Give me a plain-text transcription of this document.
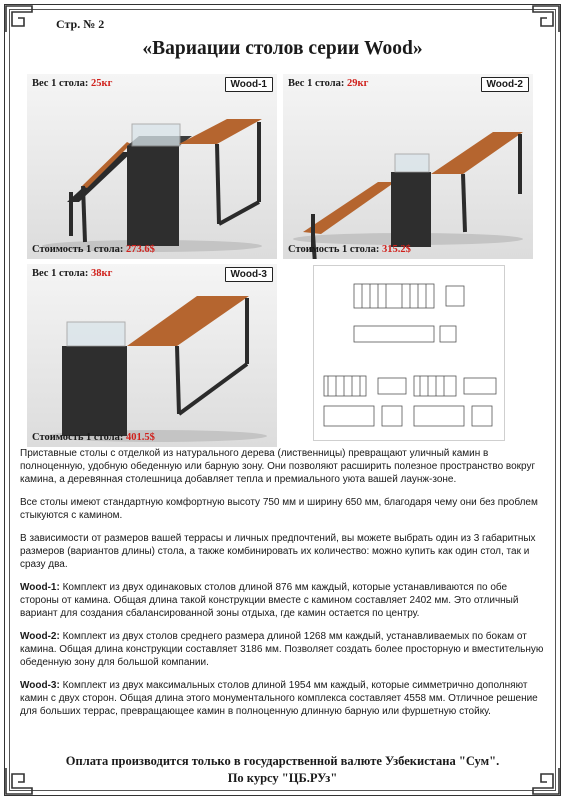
Стр. № 2
«Вариации столов серии Wood»
Вес 1 стола: 25кг	Wood-1
Стоимость 1 стола: 273.6$
Вес 1 стола: 29кг	Wood-2
Стоимость 1 стола: 315.2$
Вес 1 стола: 38кг	Wood-3
Стоимость 1 стола: 401.5$

Приставные столы с отделкой из натурального дерева (лиственницы) превращают уличный камин в полноценную, удобную обеденную или барную зону. Они позволяют расширить полезное пространство вокруг камина, а деревянная столешница добавляет тепла и премиального уюта вашей лаунж-зоне.

Все столы имеют стандартную комфортную высоту 750 мм и ширину 650 мм, благодаря чему они без проблем стыкуются с камином.

В зависимости от размеров вашей террасы и личных предпочтений, вы можете выбрать один из 3 габаритных размеров (вариантов длины) стола, а также комбинировать их количество: можно купить как один стол, так и сразу два.

Wood-1: Комплект из двух одинаковых столов длиной 876 мм каждый, которые устанавливаются по обе стороны от камина. Общая длина такой конструкции вместе с камином составляет 2402 мм. Это отличный вариант для создания сбалансированной зоны отдыха, где камин остается по центру.

Wood-2: Комплект из двух столов среднего размера длиной 1268 мм каждый, устанавливаемых по бокам от камина. Общая длина конструкции составляет 3186 мм. Позволяет создать более просторную и вместительную обеденную зону для большой компании.

Wood-3: Комплект из двух максимальных столов длиной 1954 мм каждый, которые симметрично дополняют камин с двух сторон. Общая длина этого монументального комплекса составляет 4558 мм. Отличное решение для больших террас, превращающее камин в полноценную длинную барную или фуршетную стойку.

Оплата производится только в государственной валюте Узбекистана "Сум".
По курсу "ЦБ.РУз"
